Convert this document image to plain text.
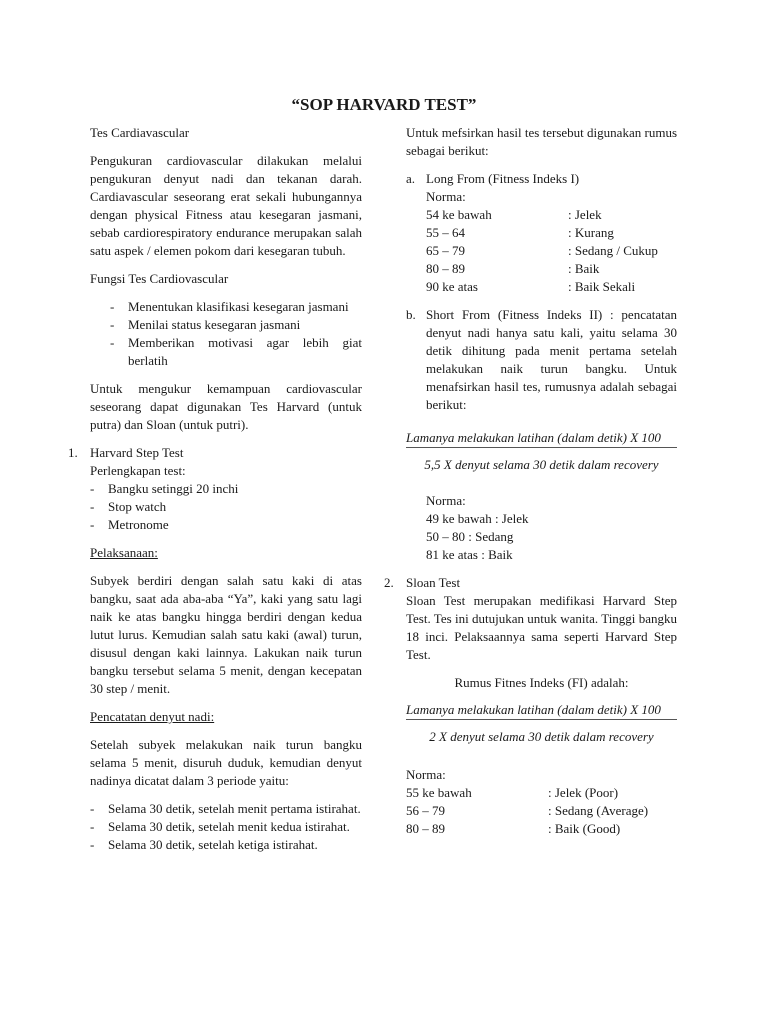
“SOP HARVARD TEST”

Tes Cardiavascular

Pengukuran cardiovascular dilakukan melalui pengukuran denyut nadi dan tekanan darah. Cardiavascular seseorang erat sekali hubungannya dengan physical Fitness atau kesegaran jasmani, sebab cardiorespiratory endurance merupakan salah satu aspek / elemen pokom dari kesegaran tubuh.

Fungsi Tes Cardiovascular

- Menentukan klasifikasi kesegaran jasmani
- Menilai status kesegaran jasmani
- Memberikan motivasi agar lebih giat berlatih

Untuk mengukur kemampuan cardiovascular seseorang dapat digunakan Tes Harvard (untuk putra) dan Sloan (untuk putri).

1. Harvard Step Test

Perlengkapan test:

- Bangku setinggi 20 inchi
- Stop watch
- Metronome

Pelaksanaan:

Subyek berdiri dengan salah satu kaki di atas bangku, saat ada aba-aba “Ya”, kaki yang satu lagi naik ke atas bangku hingga berdiri dengan kedua lutut lurus. Kemudian salah satu kaki (awal) turun, disusul dengan kaki lainnya. Lakukan naik turun bangku tersebut selama 5 menit, dengan kecepatan 30 step / menit.

Pencatatan denyut nadi:

Setelah subyek melakukan naik turun bangku selama 5 menit, disuruh duduk, kemudian denyut nadinya dicatat dalam 3 periode yaitu:

- Selama 30 detik, setelah menit pertama istirahat.
- Selama 30 detik, setelah menit kedua istirahat.
- Selama 30 detik, setelah ketiga istirahat.

Untuk mefsirkan hasil tes tersebut digunakan rumus sebagai berikut:

a. Long From (Fitness Indeks I)

Norma:

54 ke bawah	: Jelek
55 – 64	: Kurang
65 – 79	: Sedang / Cukup
80 – 89	: Baik
90 ke atas	: Baik Sekali
b. Short From (Fitness Indeks II) : pencatatan denyut nadi hanya satu kali, yaitu selama 30 detik dihitung pada menit pertama setelah melakukan naik turun bangku. Untuk menafsirkan hasil tes, rumusnya adalah sebagai berikut:

Lamanya melakukan latihan (dalam detik) X 100

5,5 X denyut selama 30 detik dalam recovery

Norma:

49 ke bawah : Jelek

50 – 80 : Sedang

81 ke atas : Baik

2. Sloan Test

Sloan Test merupakan medifikasi Harvard Step Test. Tes ini dutujukan untuk wanita. Tinggi bangku 18 inci. Pelaksaannya sama seperti Harvard Step Test.

Rumus Fitnes Indeks (FI) adalah:

Lamanya melakukan latihan (dalam detik) X 100

2 X denyut selama 30 detik dalam recovery

Norma:

55 ke bawah	: Jelek (Poor)
56 – 79	: Sedang (Average)
80 – 89	: Baik (Good)
